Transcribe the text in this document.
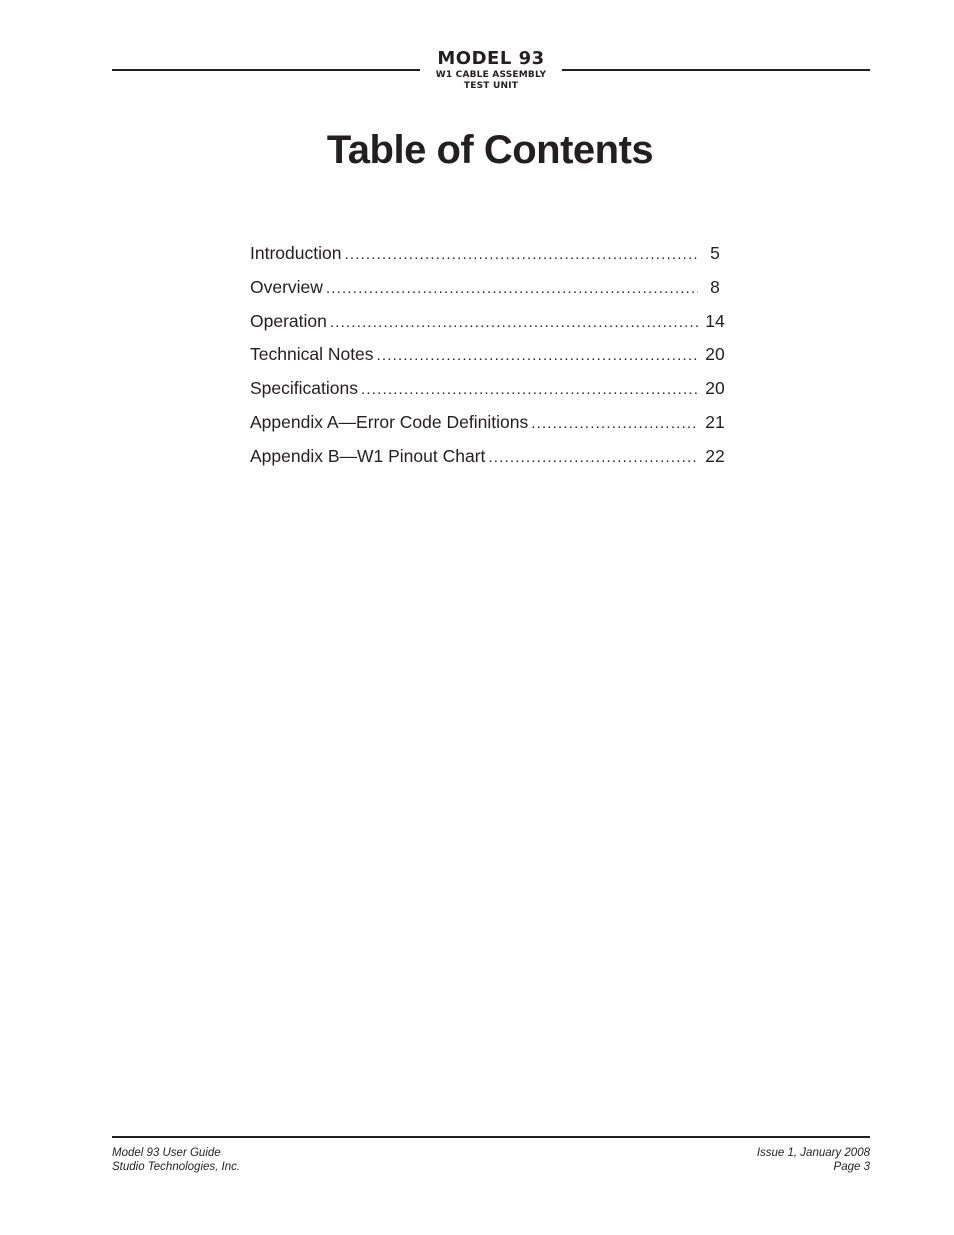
MODEL 93
W1 CABLE ASSEMBLY
TEST UNIT
Table of Contents
Introduction .....	5
Overview .....	8
Operation .....	14
Technical Notes .....	20
Specifications .....	20
Appendix A—Error Code Definitions .....	21
Appendix B—W1 Pinout Chart .....	22
Model 93 User Guide
Studio Technologies, Inc.
Issue 1, January 2008
Page 3
